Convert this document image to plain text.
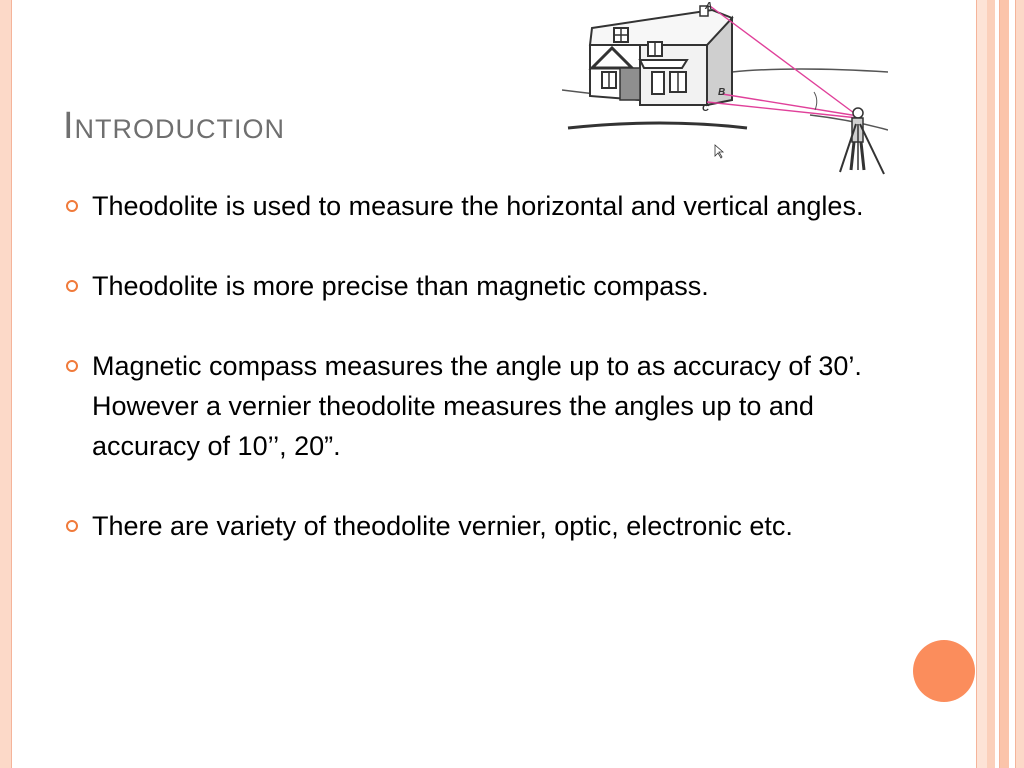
Introduction
A
B
C
Theodolite is used to measure the horizontal and vertical angles.
Theodolite is more precise than magnetic compass.
Magnetic compass measures the angle up to as accuracy of 30’. However a vernier theodolite measures the angles up to and accuracy of 10’’, 20”.
There are variety of theodolite vernier, optic, electronic etc.
